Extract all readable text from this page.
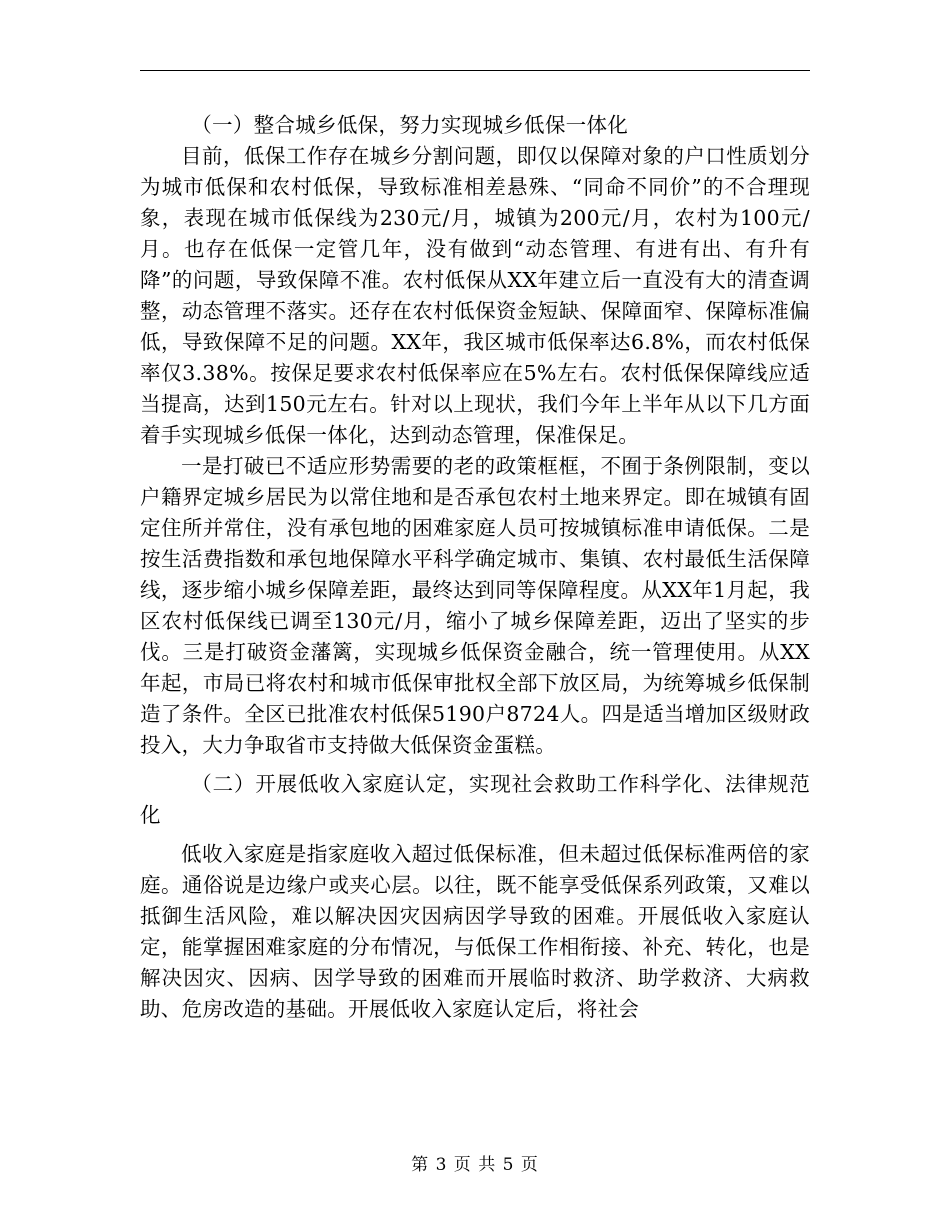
（一）整合城乡低保，努力实现城乡低保一体化

目前，低保工作存在城乡分割问题，即仅以保障对象的户口性质划分为城市低保和农村低保，导致标准相差悬殊、“同命不同价”的不合理现象，表现在城市低保线为230元/月，城镇为200元/月，农村为100元/月。也存在低保一定管几年，没有做到“动态管理、有进有出、有升有降”的问题，导致保障不准。农村低保从XX年建立后一直没有大的清查调整，动态管理不落实。还存在农村低保资金短缺、保障面窄、保障标准偏低，导致保障不足的问题。XX年，我区城市低保率达6.8%，而农村低保率仅3.38%。按保足要求农村低保率应在5%左右。农村低保保障线应适当提高，达到150元左右。针对以上现状，我们今年上半年从以下几方面着手实现城乡低保一体化，达到动态管理，保准保足。

一是打破已不适应形势需要的老的政策框框，不囿于条例限制，变以户籍界定城乡居民为以常住地和是否承包农村土地来界定。即在城镇有固定住所并常住，没有承包地的困难家庭人员可按城镇标准申请低保。二是按生活费指数和承包地保障水平科学确定城市、集镇、农村最低生活保障线，逐步缩小城乡保障差距，最终达到同等保障程度。从XX年1月起，我区农村低保线已调至130元/月，缩小了城乡保障差距，迈出了坚实的步伐。三是打破资金藩篱，实现城乡低保资金融合，统一管理使用。从XX年起，市局已将农村和城市低保审批权全部下放区局，为统筹城乡低保制造了条件。全区已批准农村低保5190户8724人。四是适当增加区级财政投入，大力争取省市支持做大低保资金蛋糕。

（二）开展低收入家庭认定，实现社会救助工作科学化、法律规范化

低收入家庭是指家庭收入超过低保标准，但未超过低保标准两倍的家庭。通俗说是边缘户或夹心层。以往，既不能享受低保系列政策，又难以抵御生活风险，难以解决因灾因病因学导致的困难。开展低收入家庭认定，能掌握困难家庭的分布情况，与低保工作相衔接、补充、转化，也是解决因灾、因病、因学导致的困难而开展临时救济、助学救济、大病救助、危房改造的基础。开展低收入家庭认定后，将社会

第 3 页 共 5 页
